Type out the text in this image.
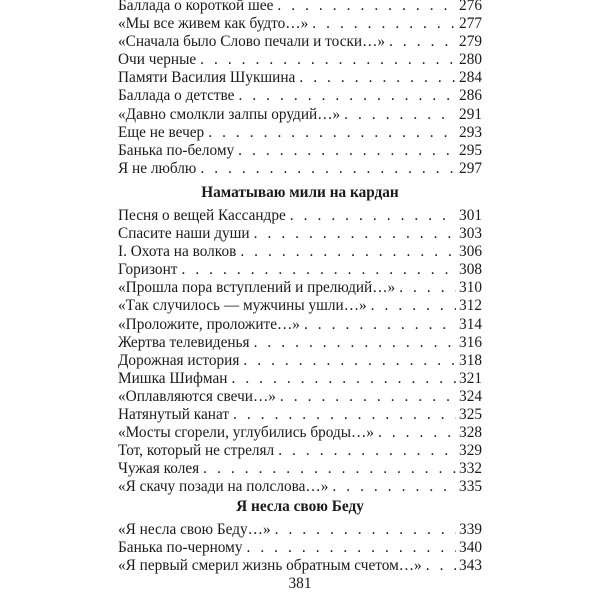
Баллада о короткой шее . . .	276
«Мы все живем как будто…» . . .	277
«Сначала было Слово печали и тоски…» . . .	279
Очи черные . . .	280
Памяти Василия Шукшина . . .	284
Баллада о детстве . . .	286
«Давно смолкли залпы орудий…» . . .	291
Еще не вечер . . .	293
Банька по-белому . . .	295
Я не люблю . . .	297
Наматываю мили на кардан
Песня о вещей Кассандре . . .	301
Спасите наши души . . .	303
I. Охота на волков . . .	306
Горизонт . . .	308
«Прошла пора вступлений и прелюдий…» . . .	310
«Так случилось — мужчины ушли…» . . .	312
«Проложите, проложите…» . . .	314
Жертва телевиденья . . .	316
Дорожная история . . .	318
Мишка Шифман . . .	321
«Оплавляются свечи…» . . .	324
Натянутый канат . . .	325
«Мосты сгорели, углубились броды…» . . .	328
Тот, который не стрелял . . .	329
Чужая колея . . .	332
«Я скачу позади на полслова…» . . .	335
Я несла свою Беду
«Я несла свою Беду…» . . .	339
Банька по-черному . . .	340
«Я первый смерил жизнь обратным счетом…» . . . 343
381
